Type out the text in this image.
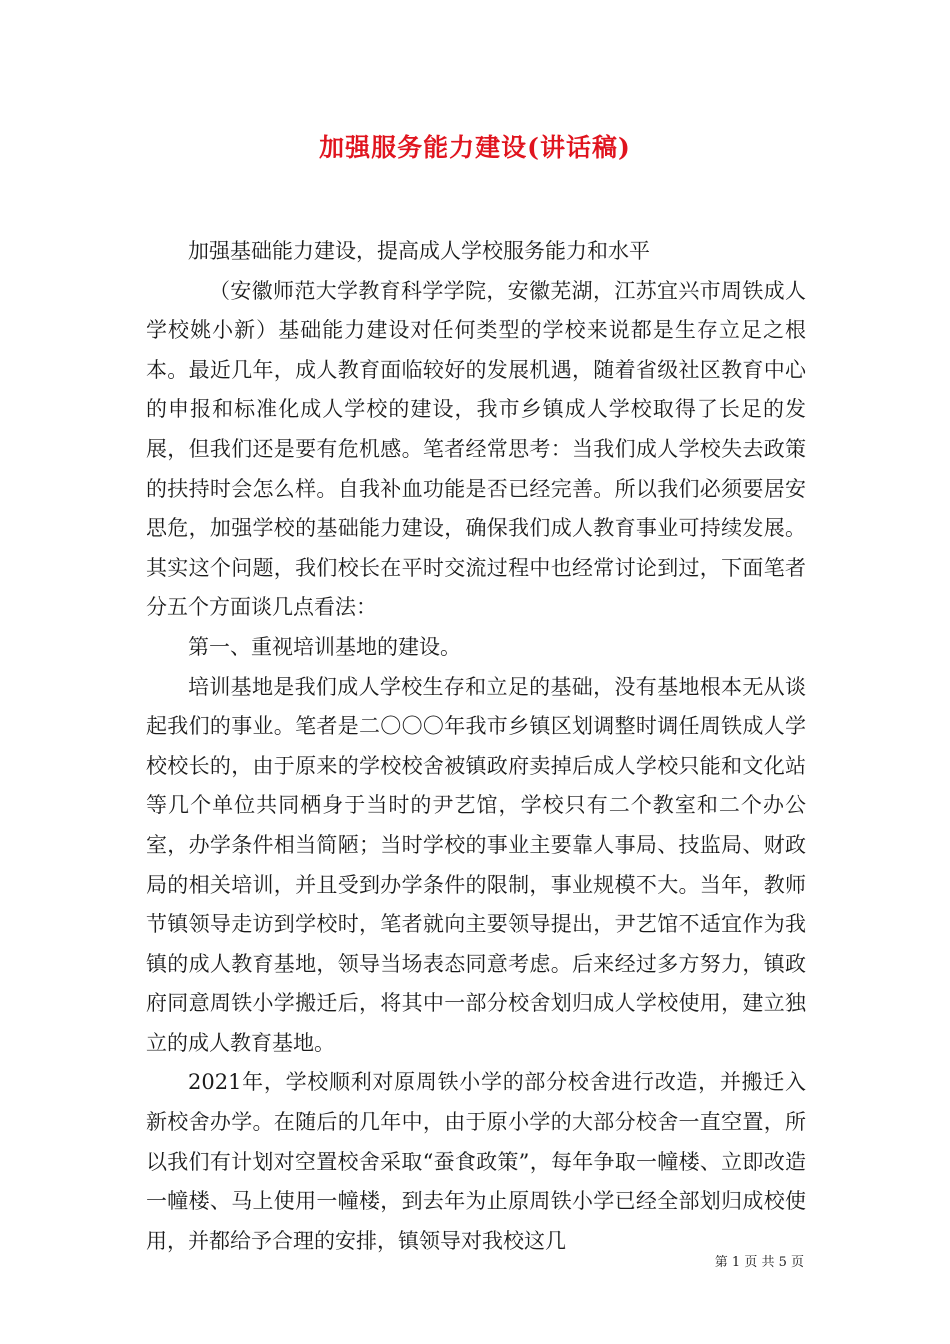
加强服务能力建设(讲话稿)

加强基础能力建设，提高成人学校服务能力和水平

（安徽师范大学教育科学学院，安徽芜湖，江苏宜兴市周铁成人学校姚小新）基础能力建设对任何类型的学校来说都是生存立足之根本。最近几年，成人教育面临较好的发展机遇，随着省级社区教育中心的申报和标准化成人学校的建设，我市乡镇成人学校取得了长足的发展，但我们还是要有危机感。笔者经常思考：当我们成人学校失去政策的扶持时会怎么样。自我补血功能是否已经完善。所以我们必须要居安思危，加强学校的基础能力建设，确保我们成人教育事业可持续发展。其实这个问题，我们校长在平时交流过程中也经常讨论到过，下面笔者分五个方面谈几点看法：

第一、重视培训基地的建设。

培训基地是我们成人学校生存和立足的基础，没有基地根本无从谈起我们的事业。笔者是二〇〇〇年我市乡镇区划调整时调任周铁成人学校校长的，由于原来的学校校舍被镇政府卖掉后成人学校只能和文化站等几个单位共同栖身于当时的尹艺馆，学校只有二个教室和二个办公室，办学条件相当简陋；当时学校的事业主要靠人事局、技监局、财政局的相关培训，并且受到办学条件的限制，事业规模不大。当年，教师节镇领导走访到学校时，笔者就向主要领导提出，尹艺馆不适宜作为我镇的成人教育基地，领导当场表态同意考虑。后来经过多方努力，镇政府同意周铁小学搬迁后，将其中一部分校舍划归成人学校使用，建立独立的成人教育基地。

2021年，学校顺利对原周铁小学的部分校舍进行改造，并搬迁入新校舍办学。在随后的几年中，由于原小学的大部分校舍一直空置，所以我们有计划对空置校舍采取“蚕食政策”，每年争取一幢楼、立即改造一幢楼、马上使用一幢楼，到去年为止原周铁小学已经全部划归成校使用，并都给予合理的安排，镇领导对我校这几

第 1 页 共 5 页
